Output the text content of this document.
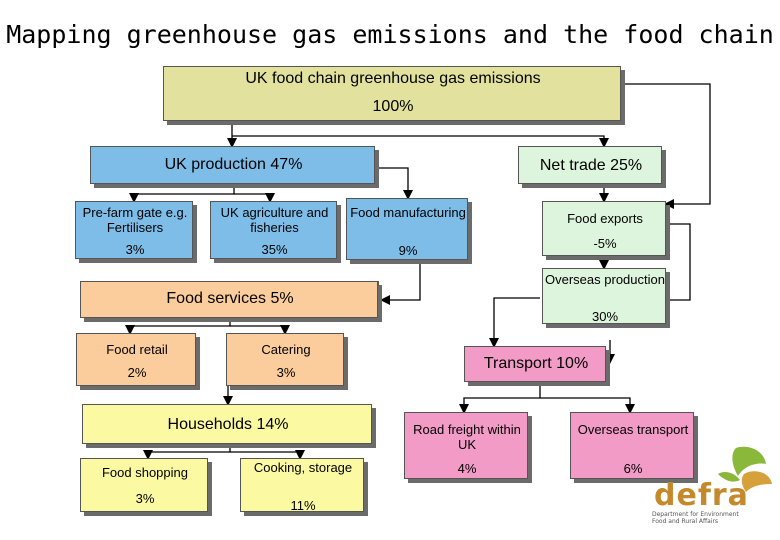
Mapping greenhouse gas emissions and the food chain
UK food chain greenhouse gas emissions
100%
UK production 47%	Net trade 25%
Pre-farm gate e.g. Fertilisers
3%
UK agriculture and fisheries
35%
Food manufacturing
9%
Food exports
-5%
Overseas production
30%
Food services 5%
Food retail
2%
Catering
3%
Transport 10%
Road freight within UK
4%
Overseas transport
6%
Households 14%
Food shopping
3%
Cooking, storage
11%	defra
Department for Environment Food and Rural Affairs
